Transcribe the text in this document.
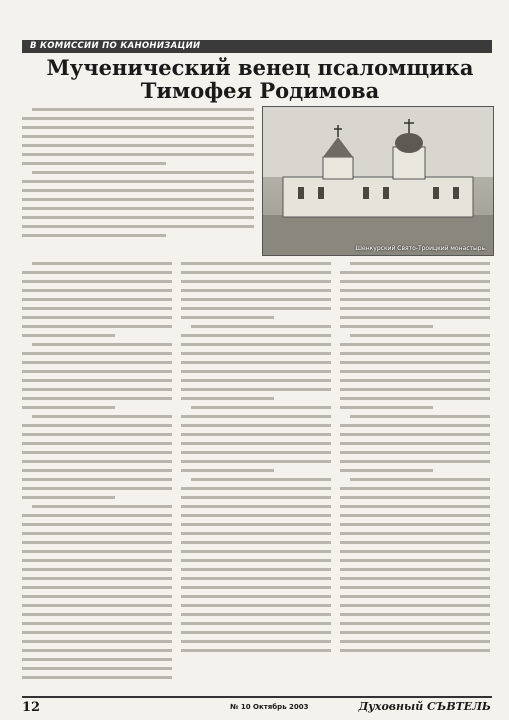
В КОМИССИИ ПО КАНОНИЗАЦИИ
Мученический венец псаломщика Тимофея Родимова
Шенкурский Свято-Троицкий монастырь.
12	№ 10 Октябрь 2003	Духовный СЪВТЕЛЬ
